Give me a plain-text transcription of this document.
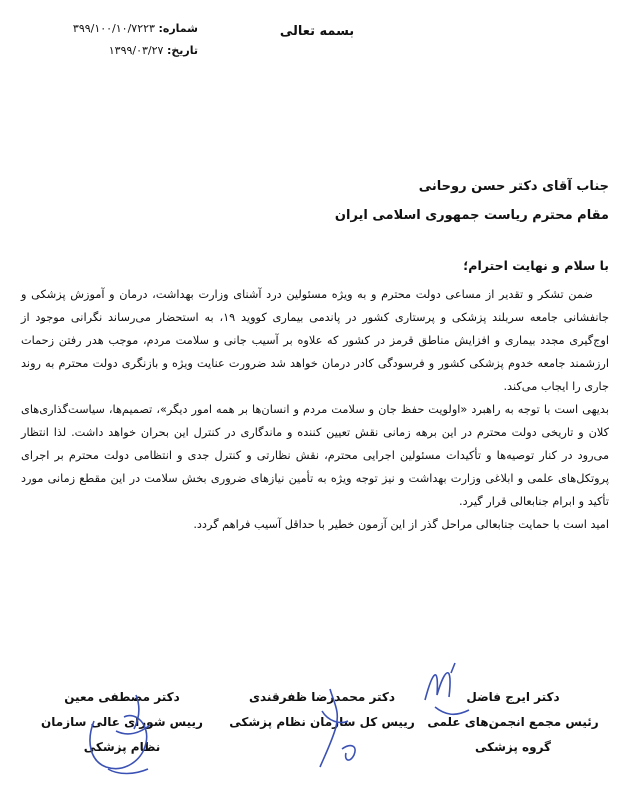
بسمه تعالی
شماره: ۳۹۹/۱۰۰/۱۰/۷۲۲۳
تاریخ: ۱۳۹۹/۰۳/۲۷
جناب آقای دکتر حسن روحانی
مقام محترم ریاست جمهوری اسلامی ایران
با سلام و نهایت احترام؛

ضمن تشکر و تقدیر از مساعی دولت محترم و به ویژه مسئولین درد آشنای وزارت بهداشت، درمان و آموزش پزشکی و جانفشانی جامعه سربلند پزشکی و پرستاری کشور در پاندمی بیماری کووید ۱۹، به استحضار می‌رساند نگرانی موجود از اوج‌گیری مجدد بیماری و افزایش مناطق قرمز در کشور که علاوه بر آسیب جانی و سلامت مردم، موجب هدر رفتن زحمات ارزشمند جامعه خدوم پزشکی کشور و فرسودگی کادر درمان خواهد شد ضرورت عنایت ویژه و بازنگری دولت محترم به روند جاری را ایجاب می‌کند.

بدیهی است با توجه به راهبرد «اولویت حفظ جان و سلامت مردم و انسان‌ها بر همه امور دیگر»، تصمیم‌ها، سیاست‌گذاری‌های کلان و تاریخی دولت محترم در این برهه زمانی نقش تعیین کننده و ماندگاری در کنترل این بحران خواهد داشت. لذا انتظار می‌رود در کنار توصیه‌ها و تأکیدات مسئولین اجرایی محترم، نقش نظارتی و کنترل جدی و انتظامی دولت محترم بر اجرای پروتکل‌های علمی و ابلاغی وزارت بهداشت و نیز توجه ویژه به تأمین نیازهای ضروری بخش سلامت در این مقطع زمانی مورد تأکید و ابرام جنابعالی قرار گیرد.

امید است با حمایت جنابعالی مراحل گذر از این آزمون خطیر با حداقل آسیب فراهم گردد.

دکتر ایرج فاضل
رئیس مجمع انجمن‌های علمی
گروه پزشکی
دکتر محمدرضا ظفرقندی
رییس کل سازمان نظام پزشکی
دکتر مصطفی معین
رییس شورای عالی سازمان
نظام پزشکی
